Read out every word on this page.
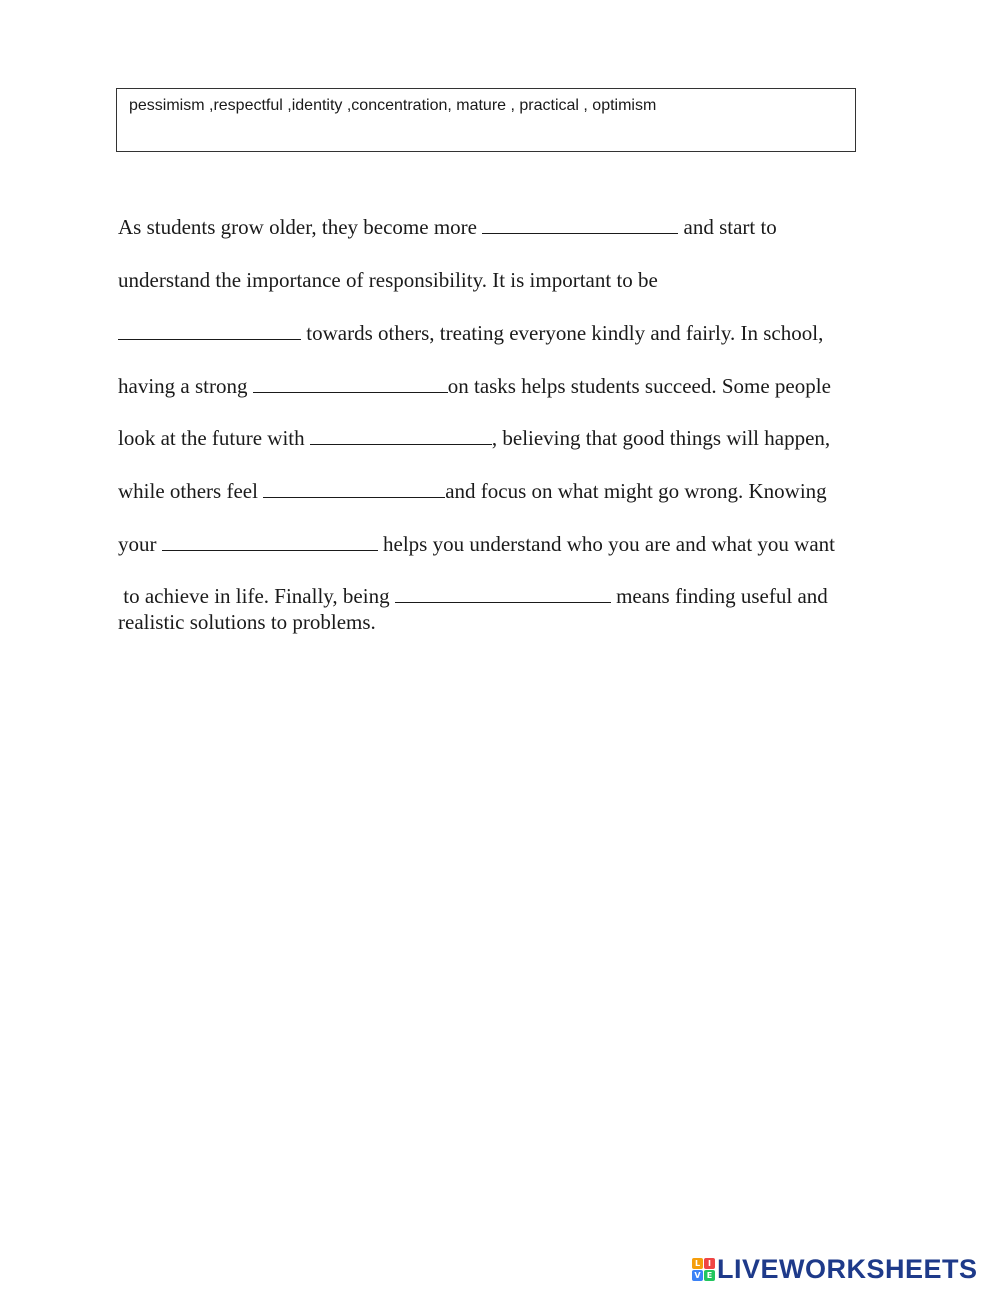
pessimism ,respectful ,identity ,concentration, mature , practical , optimism
As students grow older, they become more	and start to
understand the importance of responsibility. It is important to be
towards others, treating everyone kindly and fairly. In school,
having a strong	on tasks helps students succeed. Some people
look at the future with	, believing that good things will happen,
while others feel	and focus on what might go wrong. Knowing
your	helps you understand who you are and what you want
to achieve in life. Finally, being	means finding useful and
realistic solutions to problems.
L I
V E LIVEWORKSHEETS
